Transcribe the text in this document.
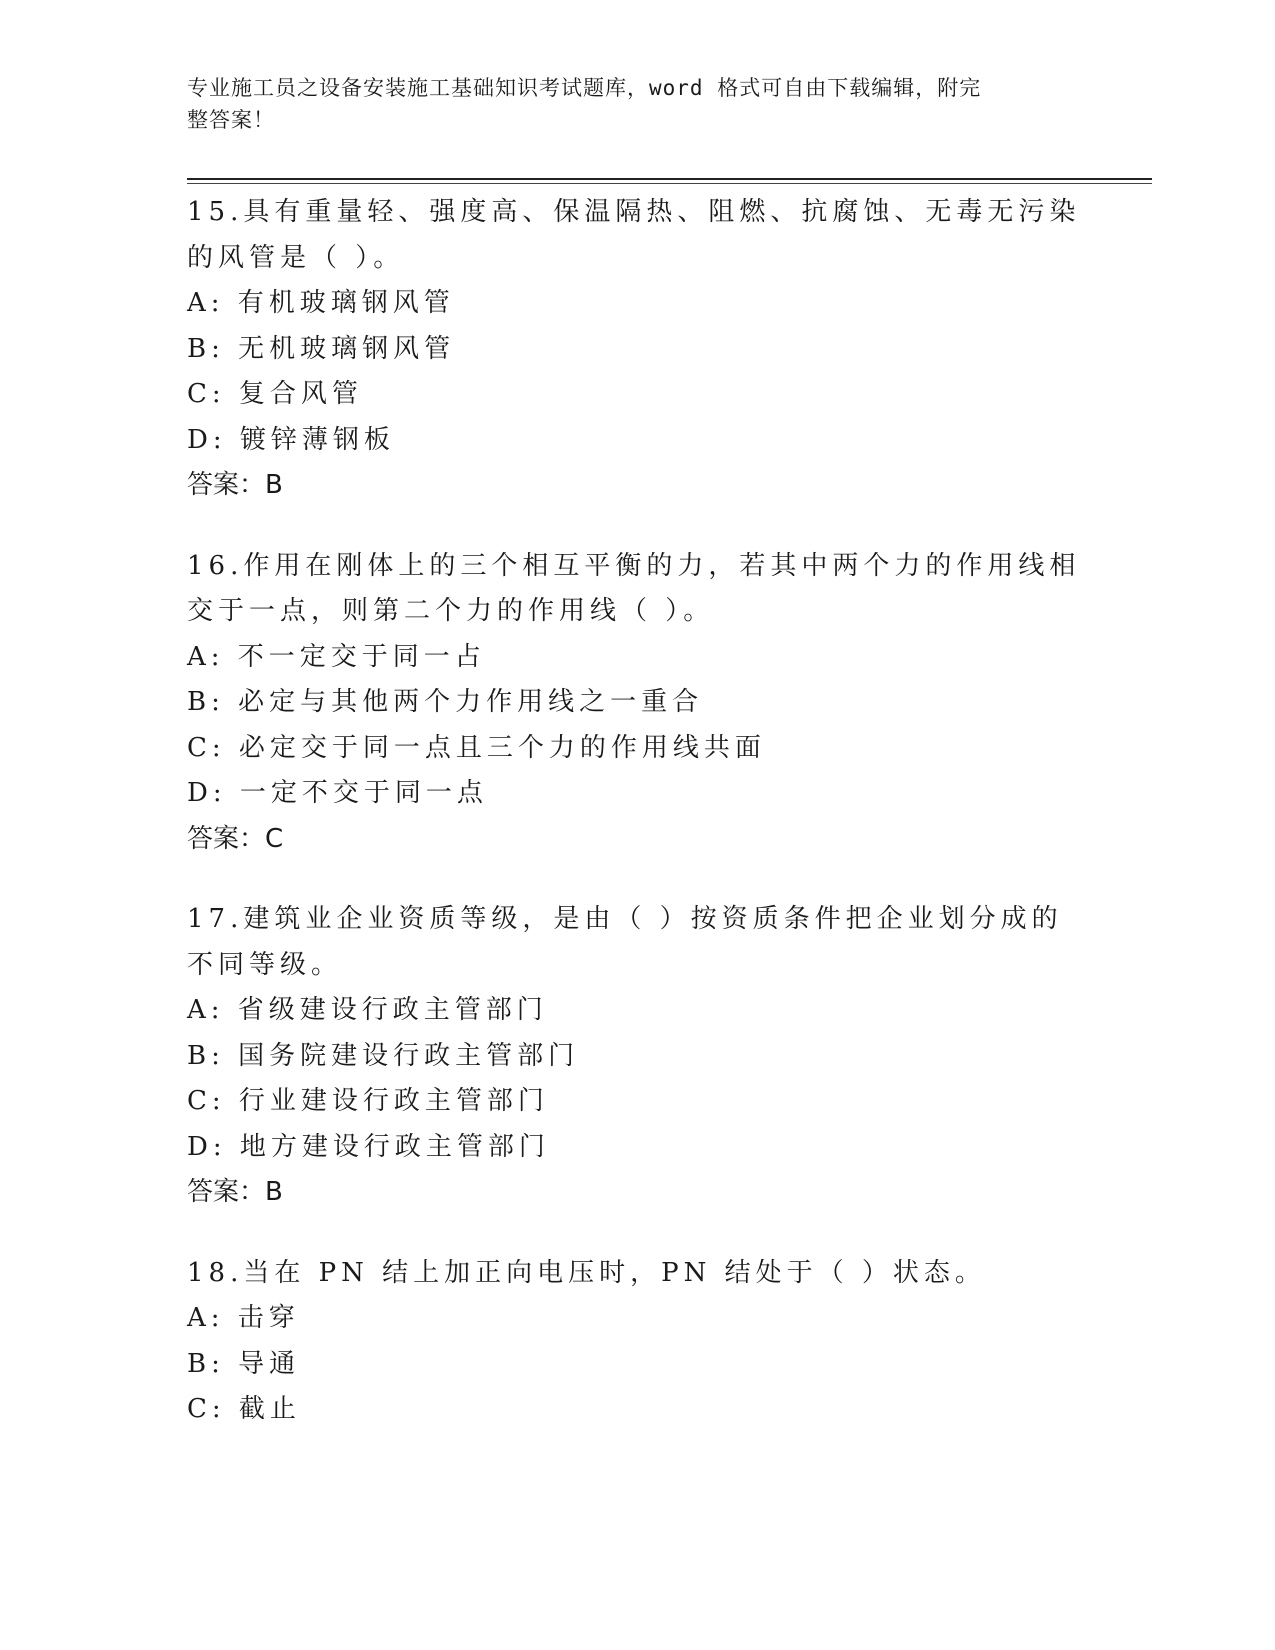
专业施工员之设备安装施工基础知识考试题库，word 格式可自由下载编辑，附完
整答案！

15.具有重量轻、强度高、保温隔热、阻燃、抗腐蚀、无毒无污染的风管是（ ）。

A: 有机玻璃钢风管

B: 无机玻璃钢风管

C: 复合风管

D: 镀锌薄钢板

答案：B

16.作用在刚体上的三个相互平衡的力，若其中两个力的作用线相交于一点，则第二个力的作用线（ ）。

A: 不一定交于同一占

B: 必定与其他两个力作用线之一重合

C: 必定交于同一点且三个力的作用线共面

D: 一定不交于同一点

答案：C

17.建筑业企业资质等级，是由（ ）按资质条件把企业划分成的不同等级。

A: 省级建设行政主管部门

B: 国务院建设行政主管部门

C: 行业建设行政主管部门

D: 地方建设行政主管部门

答案：B

18.当在 PN 结上加正向电压时，PN 结处于（ ）状态。

A: 击穿

B: 导通

C: 截止
